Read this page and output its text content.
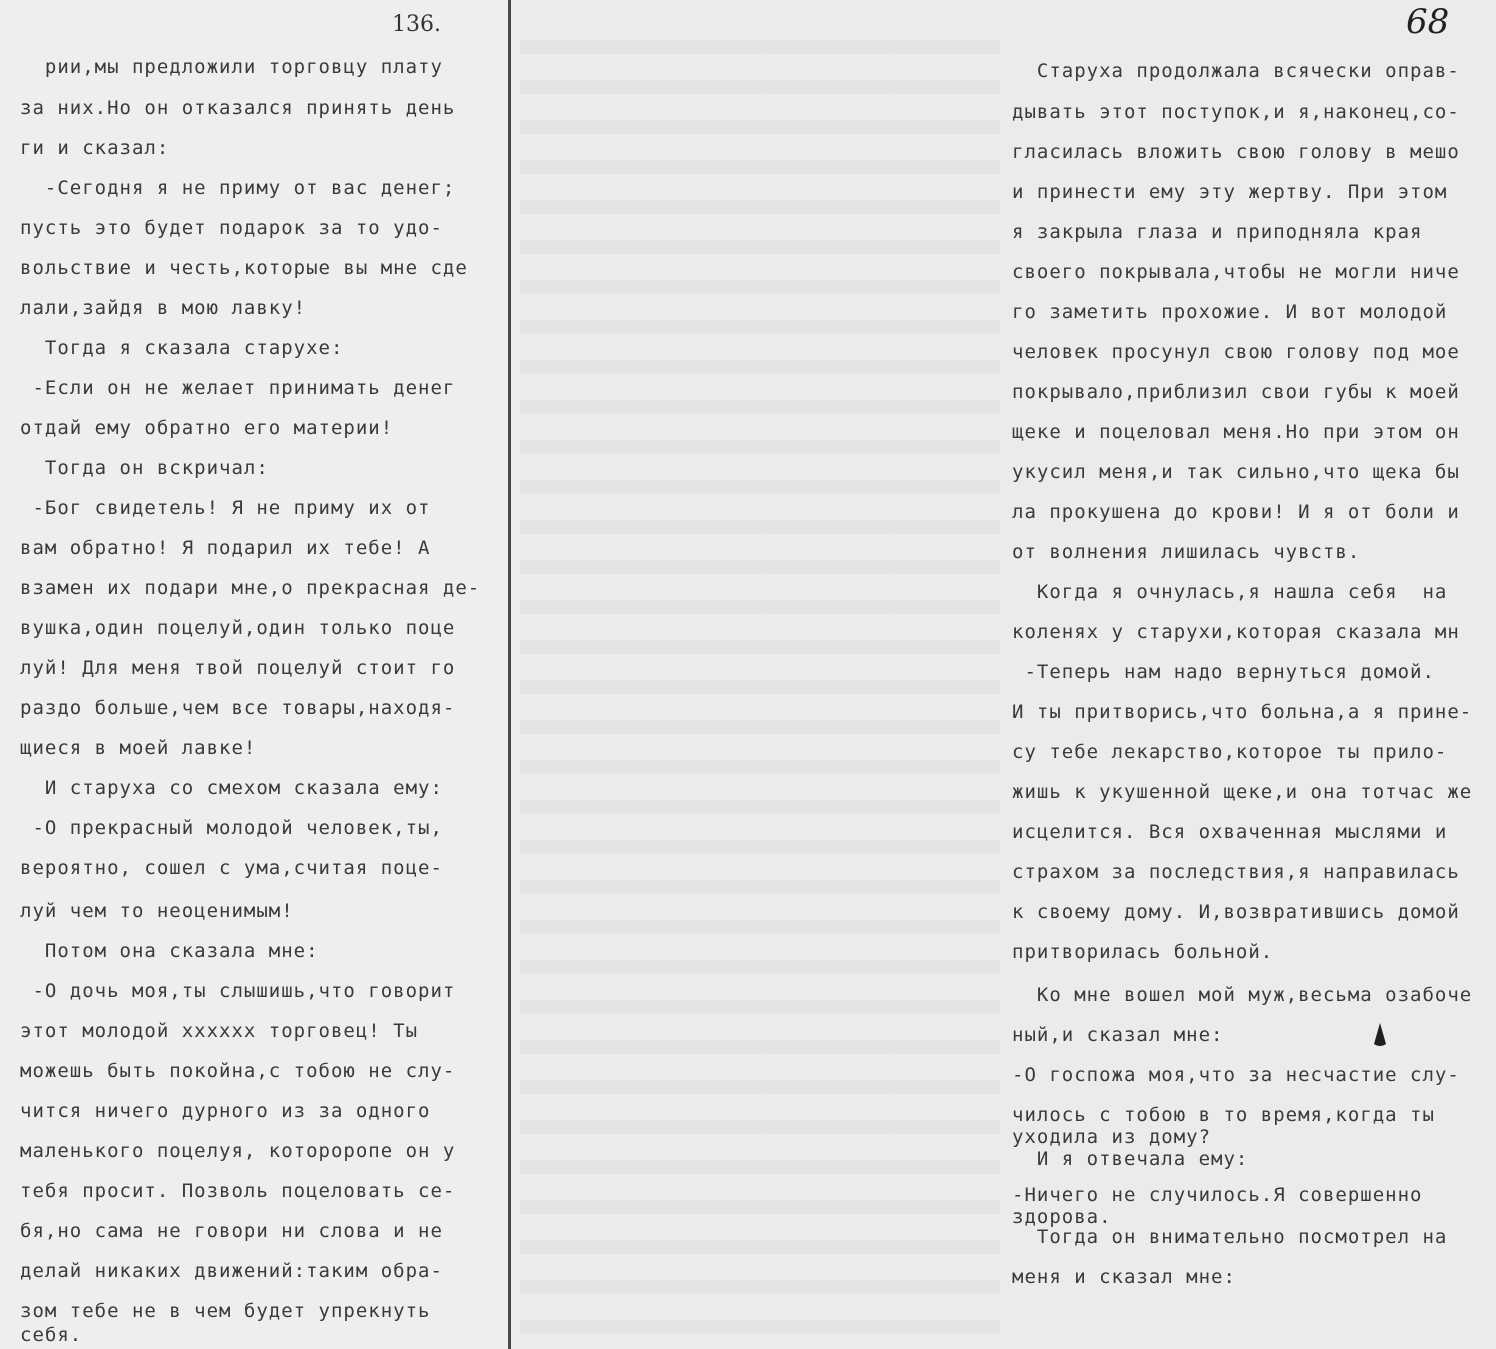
136.	68
рии,мы предложили торговцу плату
за них.Но он отказался принять день
ги и сказал:
-Сегодня я не приму от вас денег;
пусть это будет подарок за то удо-
вольствие и честь,которые вы мне сде
лали,зайдя в мою лавку!
Тогда я сказала старухе:
-Если он не желает принимать денег
отдай ему обратно его материи!
Тогда он вскричал:
-Бог свидетель! Я не приму их от
вам обратно! Я подарил их тебе! А
взамен их подари мне,о прекрасная де-
вушка,один поцелуй,один только поце
луй! Для меня твой поцелуй стоит го
раздо больше,чем все товары,находя-
щиеся в моей лавке!
И старуха со смехом сказала ему:
-О прекрасный молодой человек,ты,
вероятно, сошел с ума,считая поце-
луй чем то неоценимым!
Потом она сказала мне:
-О дочь моя,ты слышишь,что говорит
этот молодой хххххх торговец! Ты
можешь быть покойна,с тобою не слу-
чится ничего дурного из за одного
маленького поцелуя, котороропе он у
тебя просит. Позволь поцеловать се-
бя,но сама не говори ни слова и не
делай никаких движений:таким обра-
зом тебе не в чем будет упрекнуть
себя.
Старуха продолжала всячески оправ-
дывать этот поступок,и я,наконец,со-
гласилась вложить свою голову в мешо
и принести ему эту жертву. При этом
я закрыла глаза и приподняла края
своего покрывала,чтобы не могли ниче
го заметить прохожие. И вот молодой
человек просунул свою голову под мое
покрывало,приблизил свои губы к моей
щеке и поцеловал меня.Но при этом он
укусил меня,и так сильно,что щека бы
ла прокушена до крови! И я от боли и
от волнения лишилась чувств.
Когда я очнулась,я нашла себя  на
коленях у старухи,которая сказала мн
-Теперь нам надо вернуться домой.
И ты притворись,что больна,а я прине-
су тебе лекарство,которое ты прило-
жишь к укушенной щеке,и она тотчас же
исцелится. Вся охваченная мыслями и
страхом за последствия,я направилась
к своему дому. И,возвратившись домой
притворилась больной.
Ко мне вошел мой муж,весьма озабоче
ный,и сказал мне:
-О госпожа моя,что за несчастие слу-
чилось с тобою в то время,когда ты
уходила из дому?
И я отвечала ему:
-Ничего не случилось.Я совершенно
здорова.
Тогда он внимательно посмотрел на
меня и сказал мне:
